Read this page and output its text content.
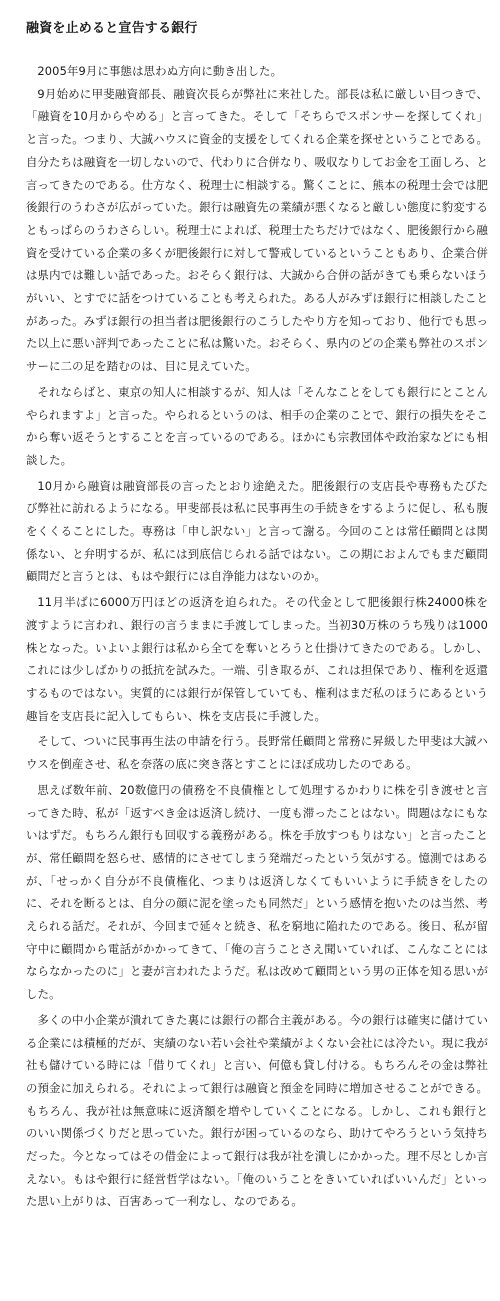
融資を止めると宣告する銀行

2005年9月に事態は思わぬ方向に動き出した。

9月始めに甲斐融資部長、融資次長らが弊社に来社した。部長は私に厳しい目つきで、「融資を10月からやめる」と言ってきた。そして「そちらでスポンサーを探してくれ」と言った。つまり、大誠ハウスに資金的支援をしてくれる企業を探せということである。自分たちは融資を一切しないので、代わりに合併なり、吸収なりしてお金を工面しろ、と言ってきたのである。仕方なく、税理士に相談する。驚くことに、熊本の税理士会では肥後銀行のうわさが広がっていた。銀行は融資先の業績が悪くなると厳しい態度に豹変するともっぱらのうわさらしい。税理士によれば、税理士たちだけではなく、肥後銀行から融資を受けている企業の多くが肥後銀行に対して警戒しているということもあり、企業合併は県内では難しい話であった。おそらく銀行は、大誠から合併の話がきても乗らないほうがいい、とすでに話をつけていることも考えられた。ある人がみずほ銀行に相談したことがあった。みずほ銀行の担当者は肥後銀行のこうしたやり方を知っており、他行でも思った以上に悪い評判であったことに私は驚いた。おそらく、県内のどの企業も弊社のスポンサーに二の足を踏むのは、目に見えていた。

それならばと、東京の知人に相談するが、知人は「そんなことをしても銀行にとことんやられますよ」と言った。やられるというのは、相手の企業のことで、銀行の損失をそこから奪い返そうとすることを言っているのである。ほかにも宗教団体や政治家などにも相談した。

10月から融資は融資部長の言ったとおり途絶えた。肥後銀行の支店長や専務もたびたび弊社に訪れるようになる。甲斐部長は私に民事再生の手続きをするように促し、私も腹をくくることにした。専務は「申し訳ない」と言って謝る。今回のことは常任顧問とは関係ない、と弁明するが、私には到底信じられる話ではない。この期におよんでもまだ顧問顧問だと言うとは、もはや銀行には自浄能力はないのか。

11月半ばに6000万円ほどの返済を迫られた。その代金として肥後銀行株24000株を渡すように言われ、銀行の言うままに手渡してしまった。当初30万株のうち残りは1000株となった。いよいよ銀行は私から全てを奪いとろうと仕掛けてきたのである。しかし、これには少しばかりの抵抗を試みた。一端、引き取るが、これは担保であり、権利を返還するものではない。実質的には銀行が保管していても、権利はまだ私のほうにあるという趣旨を支店長に記入してもらい、株を支店長に手渡した。

そして、ついに民事再生法の申請を行う。長野常任顧問と常務に昇級した甲斐は大誠ハウスを倒産させ、私を奈落の底に突き落とすことにほぼ成功したのである。

思えば数年前、20数億円の債務を不良債権として処理するかわりに株を引き渡せと言ってきた時、私が「返すべき金は返済し続け、一度も滞ったことはない。問題はなにもないはずだ。もちろん銀行も回収する義務がある。株を手放すつもりはない」と言ったことが、常任顧問を怒らせ、感情的にさせてしまう発端だったという気がする。憶測ではあるが、「せっかく自分が不良債権化、つまりは返済しなくてもいいように手続きをしたのに、それを断るとは、自分の顔に泥を塗ったも同然だ」という感情を抱いたのは当然、考えられる話だ。それが、今回まで延々と続き、私を窮地に陥れたのである。後日、私が留守中に顧問から電話がかかってきて、「俺の言うことさえ聞いていれば、こんなことにはならなかったのに」と妻が言われたようだ。私は改めて顧問という男の正体を知る思いがした。

多くの中小企業が潰れてきた裏には銀行の都合主義がある。今の銀行は確実に儲けている企業には積極的だが、実績のない若い会社や業績がよくない会社には冷たい。現に我が社も儲けている時には「借りてくれ」と言い、何億も貸し付ける。もちろんその金は弊社の預金に加えられる。それによって銀行は融資と預金を同時に増加させることができる。もちろん、我が社は無意味に返済額を増やしていくことになる。しかし、これも銀行とのいい関係づくりだと思っていた。銀行が困っているのなら、助けてやろうという気持ちだった。今となってはその借金によって銀行は我が社を潰しにかかった。理不尽としか言えない。もはや銀行に経営哲学はない。「俺のいうことをきいていればいいんだ」といった思い上がりは、百害あって一利なし、なのである。
